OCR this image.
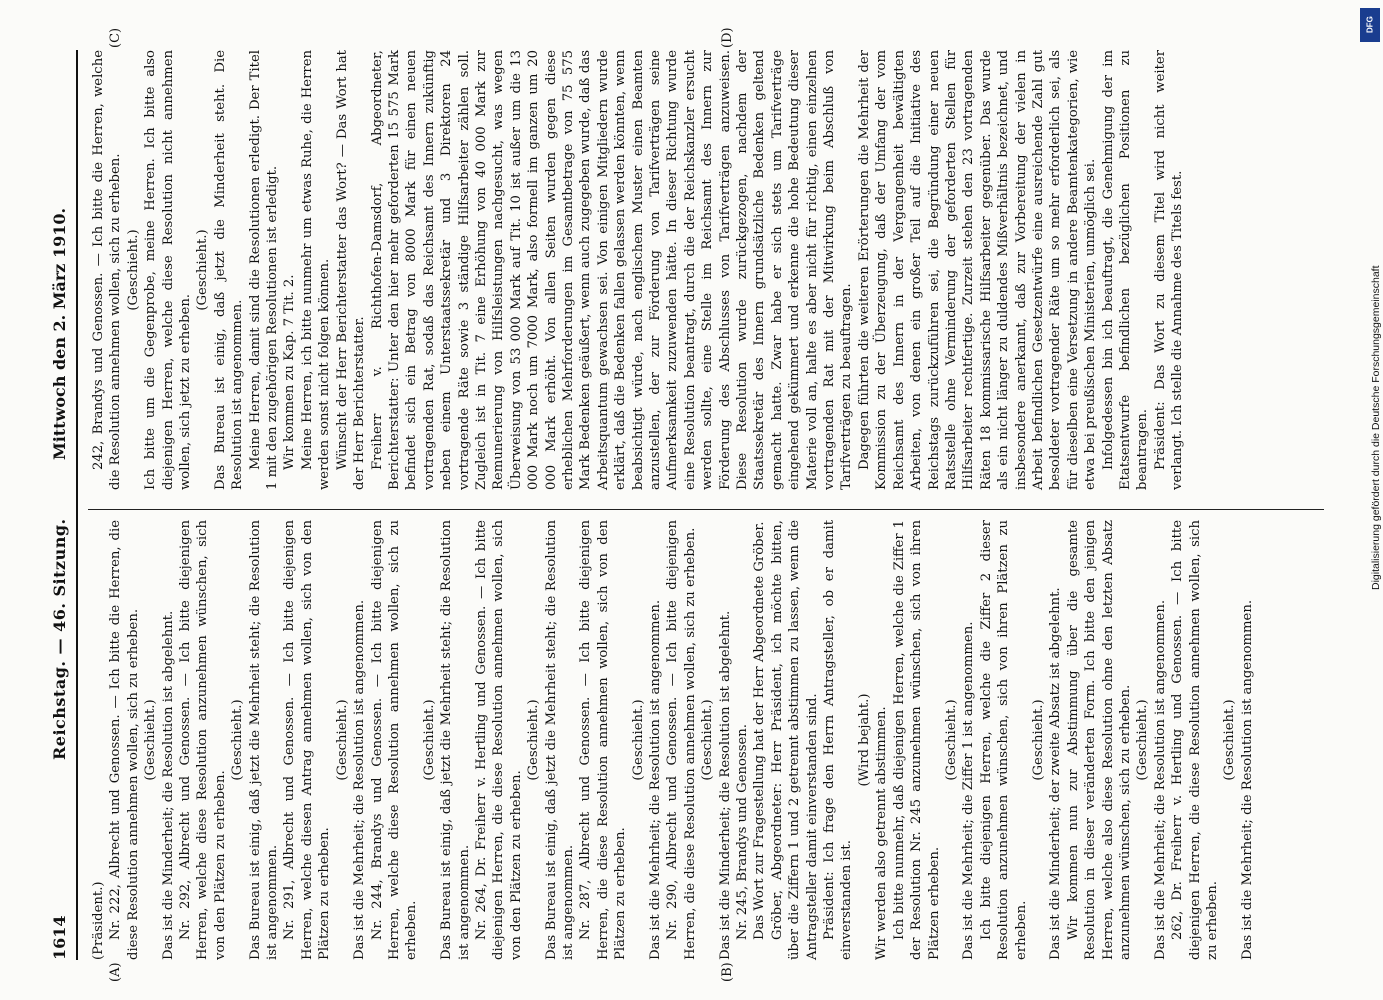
1614
Reichstag. — 46. Sitzung.
Mittwoch den 2. März 1910.
(A)	(B)
(C)	(D)

(Präsident.) Nr. 222, Albrecht und Genossen. — Ich bitte die Herren, die diese Resolution annehmen wollen, sich zu erheben. (Geschieht.) Das ist die Minderheit; die Resolution ist abgelehnt. Nr. 292, Albrecht und Genossen. — Ich bitte diejenigen Herren, welche diese Resolution anzunehmen wünschen, sich von den Plätzen zu erheben.

(Geschieht.) Das Bureau ist einig, daß jetzt die Mehrheit steht; die Resolution ist angenommen. Nr. 291, Albrecht und Genossen. — Ich bitte diejenigen Herren, welche diesen Antrag annehmen wollen, sich von den Plätzen zu erheben.

(Geschieht.) Das ist die Mehrheit; die Resolution ist angenommen. Nr. 244, Brandys und Genossen. — Ich bitte diejenigen Herren, welche diese Resolution annehmen wollen, sich zu erheben.

(Geschieht.) Das Bureau ist einig, daß jetzt die Mehrheit steht; die Resolution ist angenommen. Nr. 264, Dr. Freiherr v. Hertling und Genossen. — Ich bitte diejenigen Herren, die diese Resolution annehmen wollen, sich von den Plätzen zu erheben.

(Geschieht.) Das Bureau ist einig, daß jetzt die Mehrheit steht; die Resolution ist angenommen. Nr. 287, Albrecht und Genossen. — Ich bitte diejenigen Herren, die diese Resolution annehmen wollen, sich von den Plätzen zu erheben.

(Geschieht.) Das ist die Mehrheit; die Resolution ist angenommen. Nr. 290, Albrecht und Genossen. — Ich bitte diejenigen Herren, die diese Resolution annehmen wollen, sich zu erheben. (Geschieht.) Das ist die Minderheit; die Resolution ist abgelehnt. Nr. 245, Brandys und Genossen. Das Wort zur Fragestellung hat der Herr Abgeordnete Gröber. Gröber, Abgeordneter: Herr Präsident, ich möchte bitten, über die Ziffern 1 und 2 getrennt abstimmen zu lassen, wenn die Antragsteller damit einverstanden sind. Präsident: Ich frage den Herrn Antragsteller, ob er damit einverstanden ist.

(Wird bejaht.) Wir werden also getrennt abstimmen. Ich bitte nunmehr, daß diejenigen Herren, welche die Ziffer 1 der Resolution Nr. 245 anzunehmen wünschen, sich von ihren Plätzen erheben.

(Geschieht.) Das ist die Mehrheit; die Ziffer 1 ist angenommen. Ich bitte diejenigen Herren, welche die Ziffer 2 dieser Resolution anzunehmen wünschen, sich von ihren Plätzen zu erheben.

(Geschieht.) Das ist die Minderheit; der zweite Absatz ist abgelehnt. Wir kommen nun zur Abstimmung über die gesamte Resolution in dieser veränderten Form. Ich bitte den jenigen Herren, welche also diese Resolution ohne den letzten Absatz anzunehmen wünschen, sich zu erheben. (Geschieht.) Das ist die Mehrheit; die Resolution ist angenommen. 262, Dr. Freiherr v. Hertling und Genossen. — Ich bitte diejenigen Herren, die diese Resolution annehmen wollen, sich zu erheben.

(Geschieht.) Das ist die Mehrheit; die Resolution ist angenommen.

242, Brandys und Genossen. — Ich bitte die Herren, welche die Resolution annehmen wollen, sich zu erheben. (Geschieht.) Ich bitte um die Gegenprobe, meine Herren. Ich bitte also diejenigen Herren, welche diese Resolution nicht annehmen wollen, sich jetzt zu erheben.

(Geschieht.) Das Bureau ist einig, daß jetzt die Minderheit steht. Die Resolution ist angenommen. Meine Herren, damit sind die Resolutionen erledigt. Der Titel 1 mit den zugehörigen Resolutionen ist erledigt. Wir kommen zu Kap. 7 Tit. 2. Meine Herren, ich bitte nunmehr um etwas Ruhe, die Herren werden sonst nicht folgen können. Wünscht der Herr Berichterstatter das Wort? — Das Wort hat der Herr Berichterstatter. Freiherr v. Richthofen-Damsdorf, Abgeordneter, Berichterstatter: Unter den hier mehr geforderten 15 575 Mark befindet sich ein Betrag von 8000 Mark für einen neuen vortragenden Rat, sodaß das Reichsamt des Innern zukünftig neben einem Unterstaatssekretär und 3 Direktoren 24 vortragende Räte sowie 3 ständige Hilfsarbeiter zählen soll. Zugleich ist in Tit. 7 eine Erhöhung von 40 000 Mark zur Remunerierung von Hilfsleistungen nachgesucht, was wegen Überweisung von 53 000 Mark auf Tit. 10 ist außer um die 13 000 Mark noch um 7000 Mark, also formell im ganzen um 20 000 Mark erhöht. Von allen Seiten wurden gegen diese erheblichen Mehrforderungen im Gesamtbetrage von 75 575 Mark Bedenken geäußert, wenn auch zugegeben wurde, daß das Arbeitsquantum gewachsen sei. Von einigen Mitgliedern wurde erklärt, daß die Bedenken fallen gelassen werden könnten, wenn beabsichtigt würde, nach englischem Muster einen Beamten anzustellen, der zur Förderung von Tarifverträgen seine Aufmerksamkeit zuzuwenden hätte. In dieser Richtung wurde eine Resolution beantragt, durch die der Reichskanzler ersucht werden sollte, eine Stelle im Reichsamt des Innern zur Förderung des Abschlusses von Tarifverträgen anzuweisen. Diese Resolution wurde zurückgezogen, nachdem der Staatssekretär des Innern grundsätzliche Bedenken geltend gemacht hatte. Zwar habe er sich stets um Tarifverträge eingehend gekümmert und erkenne die hohe Bedeutung dieser Materie voll an, halte es aber nicht für richtig, einen einzelnen vortragenden Rat mit der Mitwirkung beim Abschluß von Tarifverträgen zu beauftragen. Dagegen führten die weiteren Erörterungen die Mehrheit der Kommission zu der Überzeugung, daß der Umfang der vom Reichsamt des Innern in der Vergangenheit bewältigten Arbeiten, von denen ein großer Teil auf die Initiative des Reichstags zurückzuführen sei, die Begründung einer neuen Ratsstelle ohne Verminderung der geforderten Stellen für Hilfsarbeiter rechtfertige. Zurzeit stehen den 23 vortragenden Räten 18 kommissarische Hilfsarbeiter gegenüber. Das wurde als ein nicht länger zu duldendes Mißverhältnis bezeichnet, und insbesondere anerkannt, daß zur Vorbereitung der vielen in Arbeit befindlichen Gesetzentwürfe eine ausreichende Zahl gut besoldeter vortragender Räte um so mehr erforderlich sei, als für dieselben eine Versetzung in andere Beamtenkategorien, wie etwa bei preußischen Ministerien, unmöglich sei. Infolgedessen bin ich beauftragt, die Genehmigung der im Etatsentwurfe befindlichen bezüglichen Positionen zu beantragen. Präsident: Das Wort zu diesem Titel wird nicht weiter verlangt. Ich stelle die Annahme des Titels fest.

DFG
Digitalisierung gefördert durch die Deutsche Forschungsgemeinschaft
